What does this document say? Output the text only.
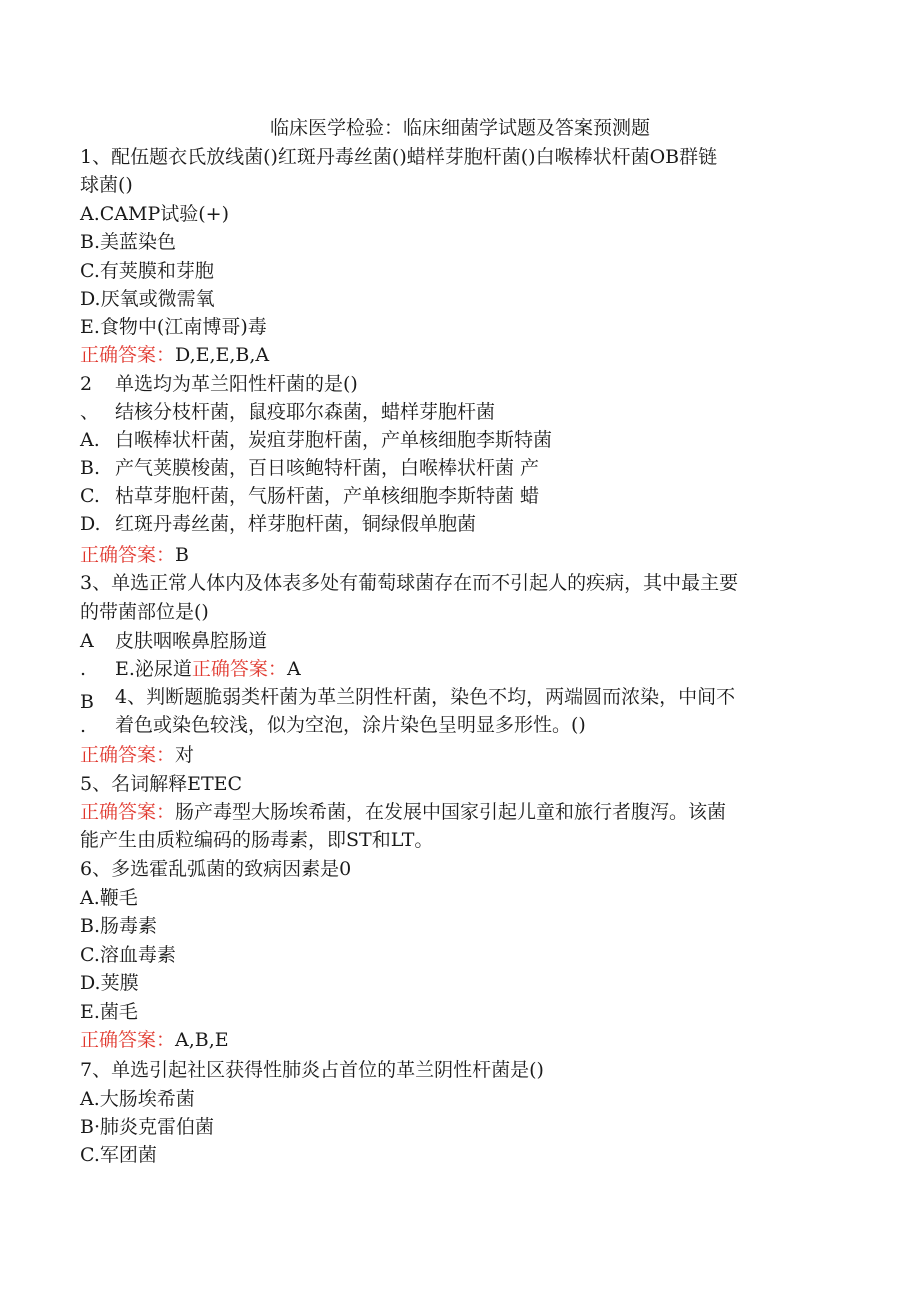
临床医学检验：临床细菌学试题及答案预测题
1、配伍题衣氏放线菌()红斑丹毒丝菌()蜡样芽胞杆菌()白喉棒状杆菌OB群链
球菌()
A.CAMP试验(+)
B.美蓝染色
C.有荚膜和芽胞
D.厌氧或微需氧
E.食物中(江南博哥)毒
正确答案：D,E,E,B,A
2 单选均为革兰阳性杆菌的是()
、 结核分枝杆菌，鼠疫耶尔森菌，蜡样芽胞杆菌
A. 白喉棒状杆菌，炭疽芽胞杆菌，产单核细胞李斯特菌
B. 产气荚膜梭菌，百日咳鲍特杆菌，白喉棒状杆菌 产
C. 枯草芽胞杆菌，气肠杆菌，产单核细胞李斯特菌 蜡
D. 红斑丹毒丝菌，样芽胞杆菌，铜绿假单胞菌
正确答案：B
3、单选正常人体内及体表多处有葡萄球菌存在而不引起人的疾病，其中最主要
的带菌部位是()
A 皮肤咽喉鼻腔肠道
. E.泌尿道正确答案：A
B
.
4、判断题脆弱类杆菌为革兰阴性杆菌，染色不均，两端圆而浓染，中间不
着色或染色较浅，似为空泡，涂片染色呈明显多形性。()
正确答案：对
5、名词解释ETEC
正确答案：肠产毒型大肠埃希菌，在发展中国家引起儿童和旅行者腹泻。该菌
能产生由质粒编码的肠毒素，即ST和LT。
6、多选霍乱弧菌的致病因素是0
A.鞭毛
B.肠毒素
C.溶血毒素
D.荚膜
E.菌毛
正确答案：A,B,E
7、单选引起社区获得性肺炎占首位的革兰阴性杆菌是()
A.大肠埃希菌
B·肺炎克雷伯菌
C.军团菌
